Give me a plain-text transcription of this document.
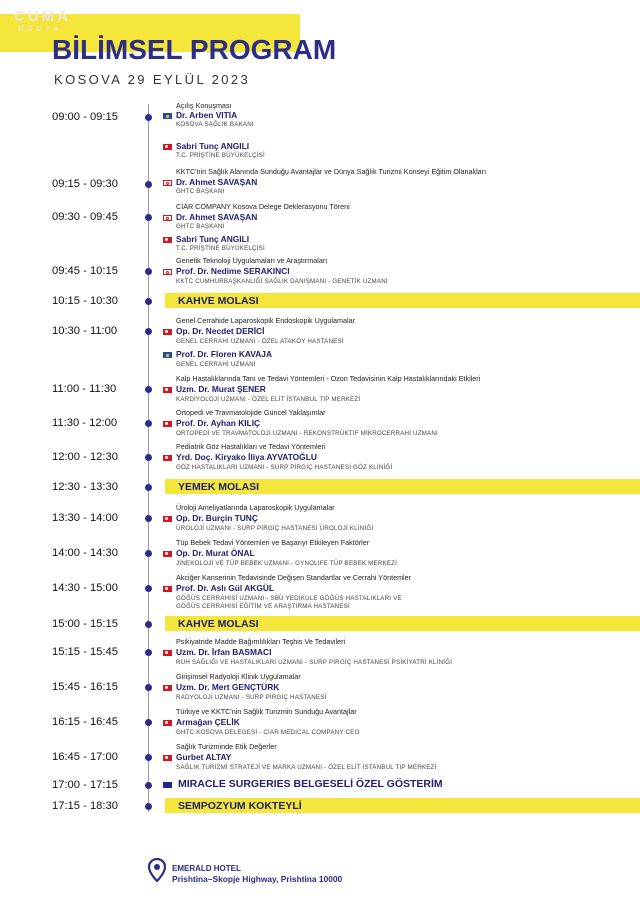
CUMA
MEDYA
BİLİMSEL PROGRAM
KOSOVA 29 EYLÜL 2023
09:00 - 09:15
Açılış Konuşması
Dr. Arben VITIA
KOSOVA SAĞLIK BAKANI
Sabri Tunç ANGILI
T.C. PRİŞTİNE BÜYÜKELÇİSİ
09:15 - 09:30
KKTC'nin Sağlık Alanında Sunduğu Avantajlar ve Dünya Sağlık Turizmi Konseyi Eğitim Olanakları
Dr. Ahmet SAVAŞAN
GHTC BAŞKANI
09:30 - 09:45
CIAR COMPANY Kosova Delege Deklerasyonu Töreni
Dr. Ahmet SAVAŞAN
GHTC BAŞKANI
Sabri Tunç ANGILI
T.C. PRİŞTİNE BÜYÜKELÇİSİ
09:45 - 10:15
Genetik Teknoloji Uygulamaları ve Araştırmaları
Prof. Dr. Nedime SERAKINCI
KKTC CUMHURBAŞKANLIĞI SAĞLIK DANIŞMANI - GENETİK UZMANI
10:15 - 10:30	KAHVE MOLASI
10:30 - 11:00
Genel Cerrahide Laparoskopik Endoskopik Uygulamalar
Op. Dr. Necdet DERİCİ
GENEL CERRAHİ UZMANI - ÖZEL ATAKÖY HASTANESİ
Prof. Dr. Floren KAVAJA
GENEL CERRAHİ UZMANI
11:00 - 11:30
Kalp Hastalıklarında Tanı ve Tedavi Yöntemleri - Ozon Tedavisinin Kalp Hastalıklarındaki Etkileri
Uzm. Dr. Murat ŞENER
KARDİYOLOJİ UZMANI - ÖZEL ELİT İSTANBUL TIP MERKEZİ
11:30 - 12:00
Ortopedi ve Travmatolojide Güncel Yaklaşımlar
Prof. Dr. Ayhan KILIÇ
ORTOPEDİ VE TRAVMATOLOJİ UZMANI - REKONSTRÜKTİF MİKROCERRAHİ UZMANI
12:00 - 12:30
Pediatrik Göz Hastalıkları ve Tedavi Yöntemleri
Yrd. Doç. Kiryako İliya AYVATOĞLU
GÖZ HASTALIKLARI UZMANI - SURP PİRGİÇ HASTANESİ GÖZ KLİNİĞİ
12:30 - 13:30	YEMEK MOLASI
13:30 - 14:00
Üroloji Ameliyatlarında Laparoskopik Uygulamalar
Op. Dr. Burçin TUNÇ
ÜROLOJİ UZMANI - SURP PİRGİÇ HASTANESİ ÜROLOJİ KLİNİĞİ
14:00 - 14:30
Tüp Bebek Tedavi Yöntemleri ve Başarıyı Etkileyen Faktörler
Op. Dr. Murat ÖNAL
JİNEKOLOJİ VE TÜP BEBEK UZMANI - GYNOLIFE TÜP BEBEK MERKEZİ
14:30 - 15:00
Akciğer Kanserinin Tedavisinde Değişen Standartlar ve Cerrahi Yöntemler
Prof. Dr. Aslı Gül AKGÜL
GÖĞÜS CERRAHİSİ UZMANI - SBÜ YEDİKULE GÖĞÜS HASTALIKLARI VE
GÖĞÜS CERRAHİSİ EĞİTİM VE ARAŞTIRMA HASTANESİ
15:00 - 15:15	KAHVE MOLASI
15:15 - 15:45
Psikiyatride Madde Bağımlılıkları Teşhis Ve Tedavileri
Uzm. Dr. İrfan BASMACI
RUH SAĞLIĞI VE HASTALIKLARI UZMANI - SURP PİRGİÇ HASTANESİ PSİKİYATRİ KLİNİĞİ
15:45 - 16:15
Girişimsel Radyoloji Klinik Uygulamalar
Uzm. Dr. Mert GENÇTÜRK
RADYOLOJİ UZMANI - SURP PİRGİÇ HASTANESİ
16:15 - 16:45
Türkiye ve KKTC'nin Sağlık Turizmin Sunduğu Avantajlar
Armağan ÇELİK
GHTC KOSOVA DELEGESİ - CIAR MEDICAL COMPANY CEO
16:45 - 17:00
Sağlık Turizminde Etik Değerler
Gurbet ALTAY
SAĞLIK TURİZMİ STRATEJİ VE MARKA UZMANI - ÖZEL ELİT İSTANBUL TIP MERKEZİ
17:00 - 17:15	MIRACLE SURGERIES BELGESELİ ÖZEL GÖSTERİM
17:15 - 18:30	SEMPOZYUM KOKTEYLİ
EMERALD HOTEL
Prishtina–Skopje Highway, Prishtina 10000
